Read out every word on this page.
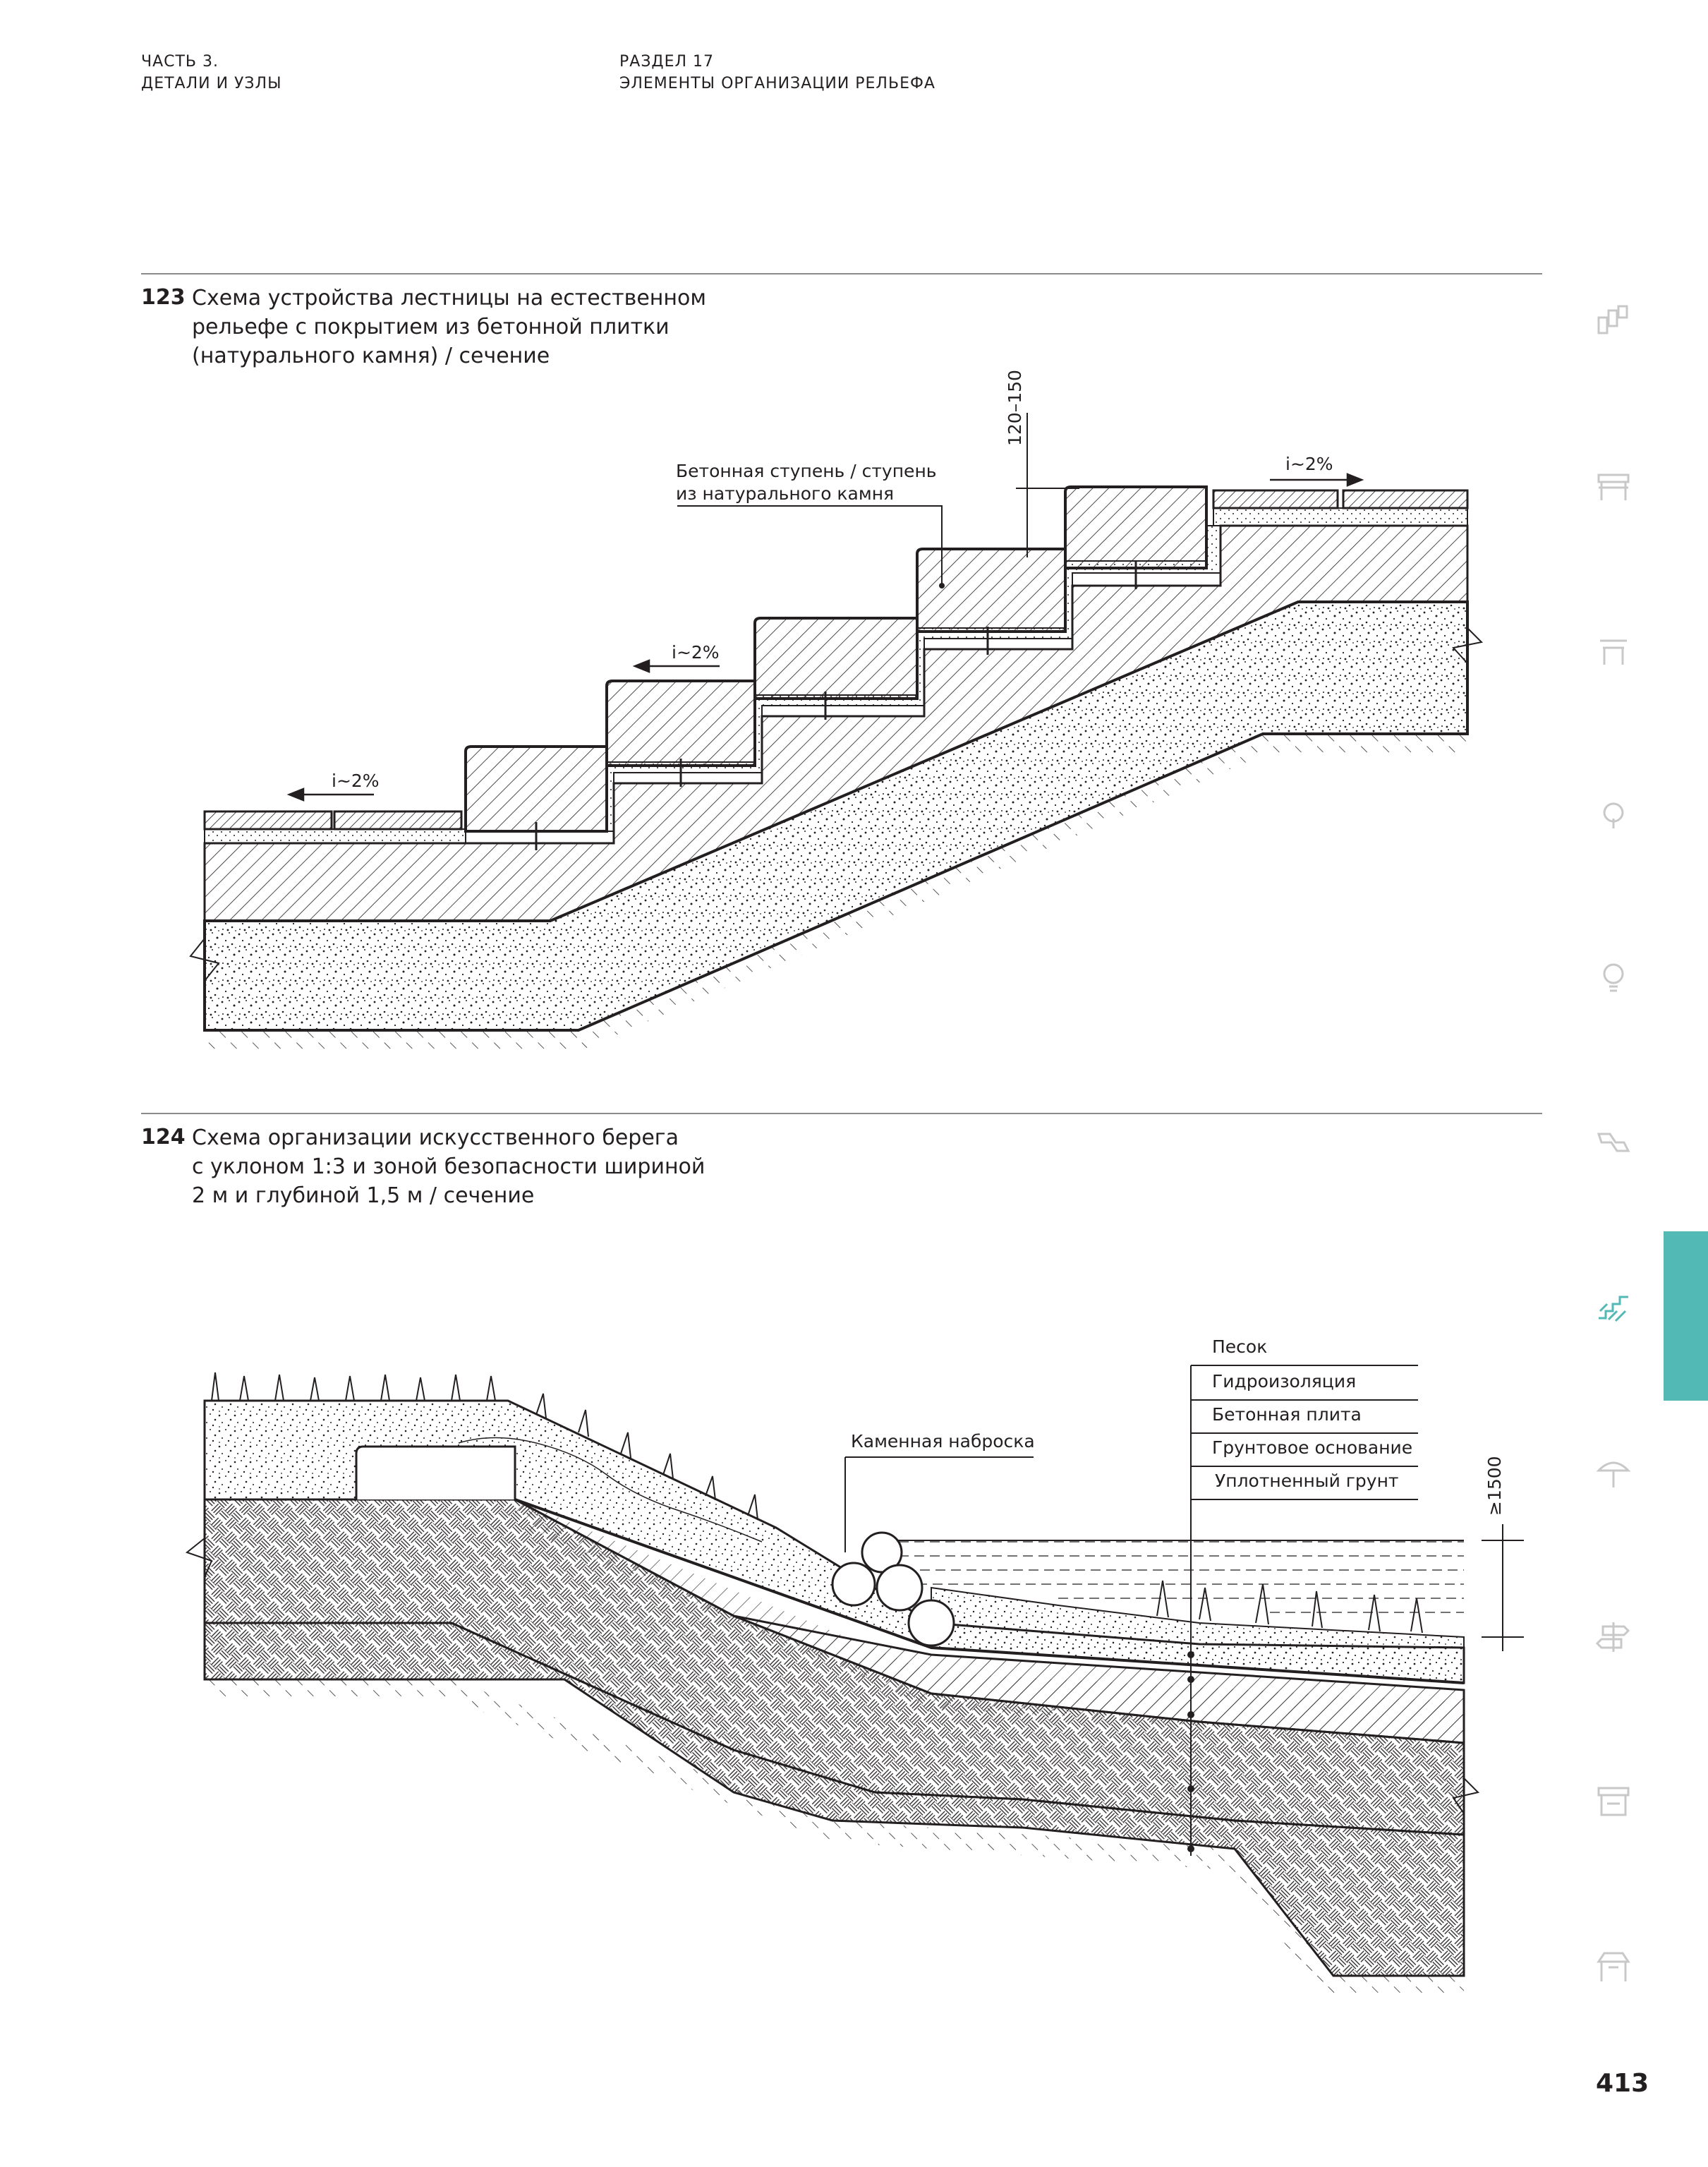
ЧАСТЬ 3.
ДЕТАЛИ И УЗЛЫ
РАЗДЕЛ 17
ЭЛЕМЕНТЫ ОРГАНИЗАЦИИ РЕЛЬЕФА
123 Схема устройства лестницы на естественном
рельефе с покрытием из бетонной плитки
(натурального камня) / сечение
Бетонная ступень / ступень
из натурального камня
120–150
i~2%
i~2%
i~2%
124 Схема организации искусственного берега
с уклоном 1:3 и зоной безопасности шириной
2 м и глубиной 1,5 м / сечение
Каменная наброска
Песок
Гидроизоляция
Бетонная плита
Грунтовое основание
Уплотненный грунт	≥1500
413
